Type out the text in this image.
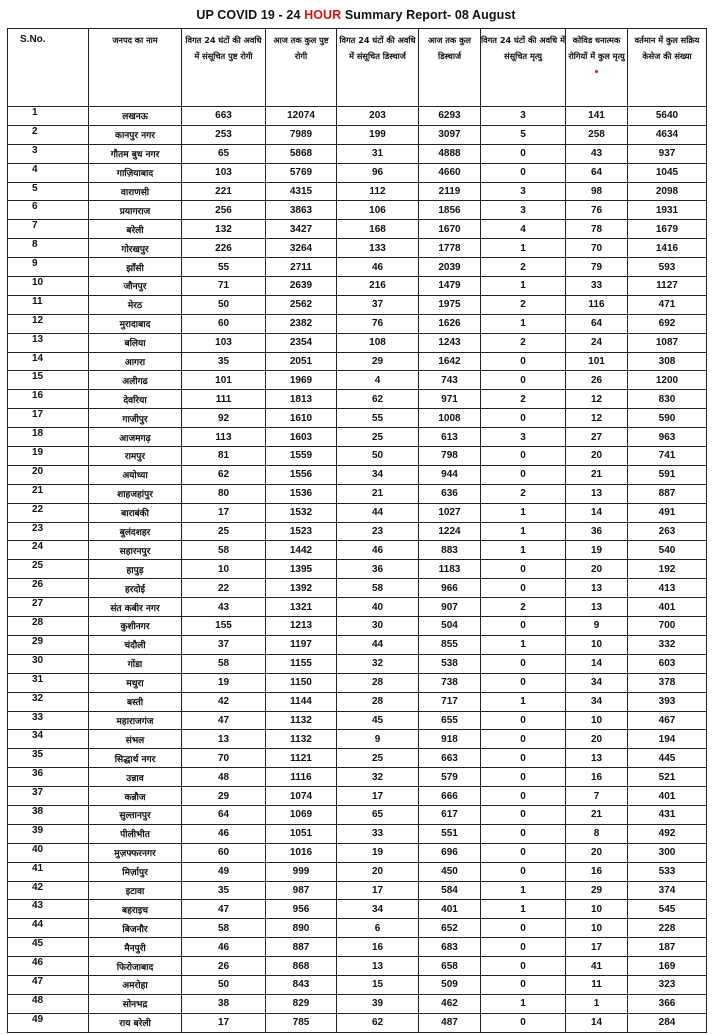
UP COVID 19 - 24 HOUR Summary Report- 08 August
S.No.	जनपद का नाम	विगत 24 घंटों की अवधि में संसूचित पुष्ट रोगी	आज तक कुल पुष्ट रोगी	विगत 24 घंटों की अवधि में संसूचित डिस्चार्ज	आज तक कुल डिस्चार्ज	विगत 24 घंटों की अवधि में संसूचित मृत्यु	कोविड धनात्मक रोगियों में कुल मृत्यु •	वर्तमान में कुल सक्रिय केसेज की संख्या
1	लखनऊ	663	12074	203	6293	3	141	5640
2	कानपुर नगर	253	7989	199	3097	5	258	4634
3	गौतम बुध नगर	65	5868	31	4888	0	43	937
4	गाज़ियाबाद	103	5769	96	4660	0	64	1045
5	वाराणसी	221	4315	112	2119	3	98	2098
6	प्रयागराज	256	3863	106	1856	3	76	1931
7	बरेली	132	3427	168	1670	4	78	1679
8	गोरखपुर	226	3264	133	1778	1	70	1416
9	झाँसी	55	2711	46	2039	2	79	593
10	जौनपुर	71	2639	216	1479	1	33	1127
11	मेरठ	50	2562	37	1975	2	116	471
12	मुरादाबाद	60	2382	76	1626	1	64	692
13	बलिया	103	2354	108	1243	2	24	1087
14	आगरा	35	2051	29	1642	0	101	308
15	अलीगढ	101	1969	4	743	0	26	1200
16	देवरिया	111	1813	62	971	2	12	830
17	गाजीपुर	92	1610	55	1008	0	12	590
18	आजमगढ़	113	1603	25	613	3	27	963
19	रामपुर	81	1559	50	798	0	20	741
20	अयोध्या	62	1556	34	944	0	21	591
21	शाहजहांपुर	80	1536	21	636	2	13	887
22	बाराबंकी	17	1532	44	1027	1	14	491
23	बुलंदशहर	25	1523	23	1224	1	36	263
24	सहारनपुर	58	1442	46	883	1	19	540
25	हापुड़	10	1395	36	1183	0	20	192
26	हरदोई	22	1392	58	966	0	13	413
27	संत कबीर नगर	43	1321	40	907	2	13	401
28	कुशीनगर	155	1213	30	504	0	9	700
29	चंदौली	37	1197	44	855	1	10	332
30	गोंडा	58	1155	32	538	0	14	603
31	मथुरा	19	1150	28	738	0	34	378
32	बस्ती	42	1144	28	717	1	34	393
33	महाराजगंज	47	1132	45	655	0	10	467
34	संभल	13	1132	9	918	0	20	194
35	सिद्धार्थ नगर	70	1121	25	663	0	13	445
36	उन्नाव	48	1116	32	579	0	16	521
37	कन्नौज	29	1074	17	666	0	7	401
38	सुल्तानपुर	64	1069	65	617	0	21	431
39	पीलीभीत	46	1051	33	551	0	8	492
40	मुज़फ्फरनगर	60	1016	19	696	0	20	300
41	मिर्ज़ापुर	49	999	20	450	0	16	533
42	इटावा	35	987	17	584	1	29	374
43	बहराइच	47	956	34	401	1	10	545
44	बिजनौर	58	890	6	652	0	10	228
45	मैनपुरी	46	887	16	683	0	17	187
46	फिरोजाबाद	26	868	13	658	0	41	169
47	अमरोहा	50	843	15	509	0	11	323
48	सोनभद्र	38	829	39	462	1	1	366
49	राय बरेली	17	785	62	487	0	14	284
